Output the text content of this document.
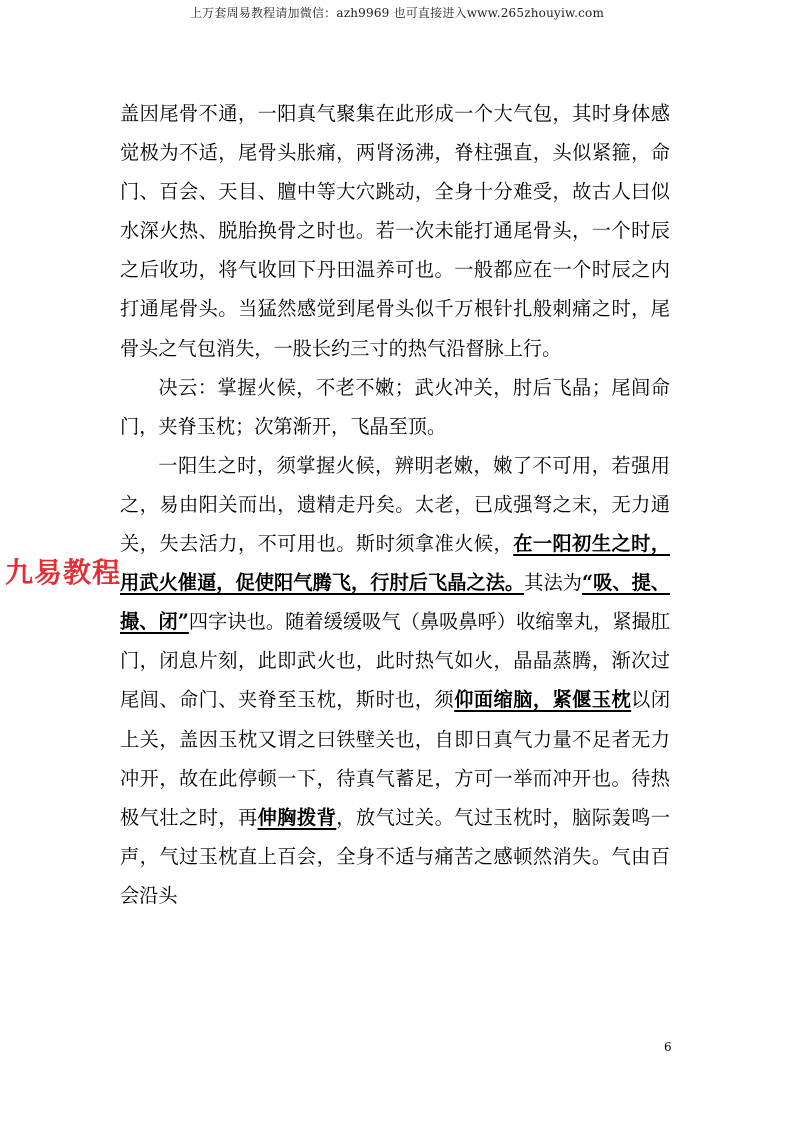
上万套周易教程请加微信：azh9969 也可直接进入www.265zhouyiw.com

盖因尾骨不通，一阳真气聚集在此形成一个大气包，其时身体感觉极为不适，尾骨头胀痛，两肾汤沸，脊柱强直，头似紧箍，命门、百会、天目、膻中等大穴跳动，全身十分难受，故古人曰似水深火热、脱胎换骨之时也。若一次未能打通尾骨头，一个时辰之后收功，将气收回下丹田温养可也。一般都应在一个时辰之内打通尾骨头。当猛然感觉到尾骨头似千万根针扎般刺痛之时，尾骨头之气包消失，一股长约三寸的热气沿督脉上行。

决云：掌握火候，不老不嫩；武火冲关，肘后飞晶；尾闾命门，夹脊玉枕；次第渐开，飞晶至顶。

一阳生之时，须掌握火候，辨明老嫩，嫩了不可用，若强用之，易由阳关而出，遗精走丹矣。太老，已成强弩之末，无力通关，失去活力，不可用也。斯时须拿准火候，在一阳初生之时，用武火催逼，促使阳气腾飞，行肘后飞晶之法。其法为“吸、提、撮、闭”四字诀也。随着缓缓吸气（鼻吸鼻呼）收缩睾丸，紧撮肛门，闭息片刻，此即武火也，此时热气如火，晶晶蒸腾，渐次过尾闾、命门、夹脊至玉枕，斯时也，须仰面缩脑，紧偃玉枕以闭上关，盖因玉枕又谓之曰铁壁关也，自即日真气力量不足者无力冲开，故在此停顿一下，待真气蓄足，方可一举而冲开也。待热极气壮之时，再伸胸拨背，放气过关。气过玉枕时，脑际轰鸣一声，气过玉枕直上百会，全身不适与痛苦之感顿然消失。气由百会沿头

九易教程
6
